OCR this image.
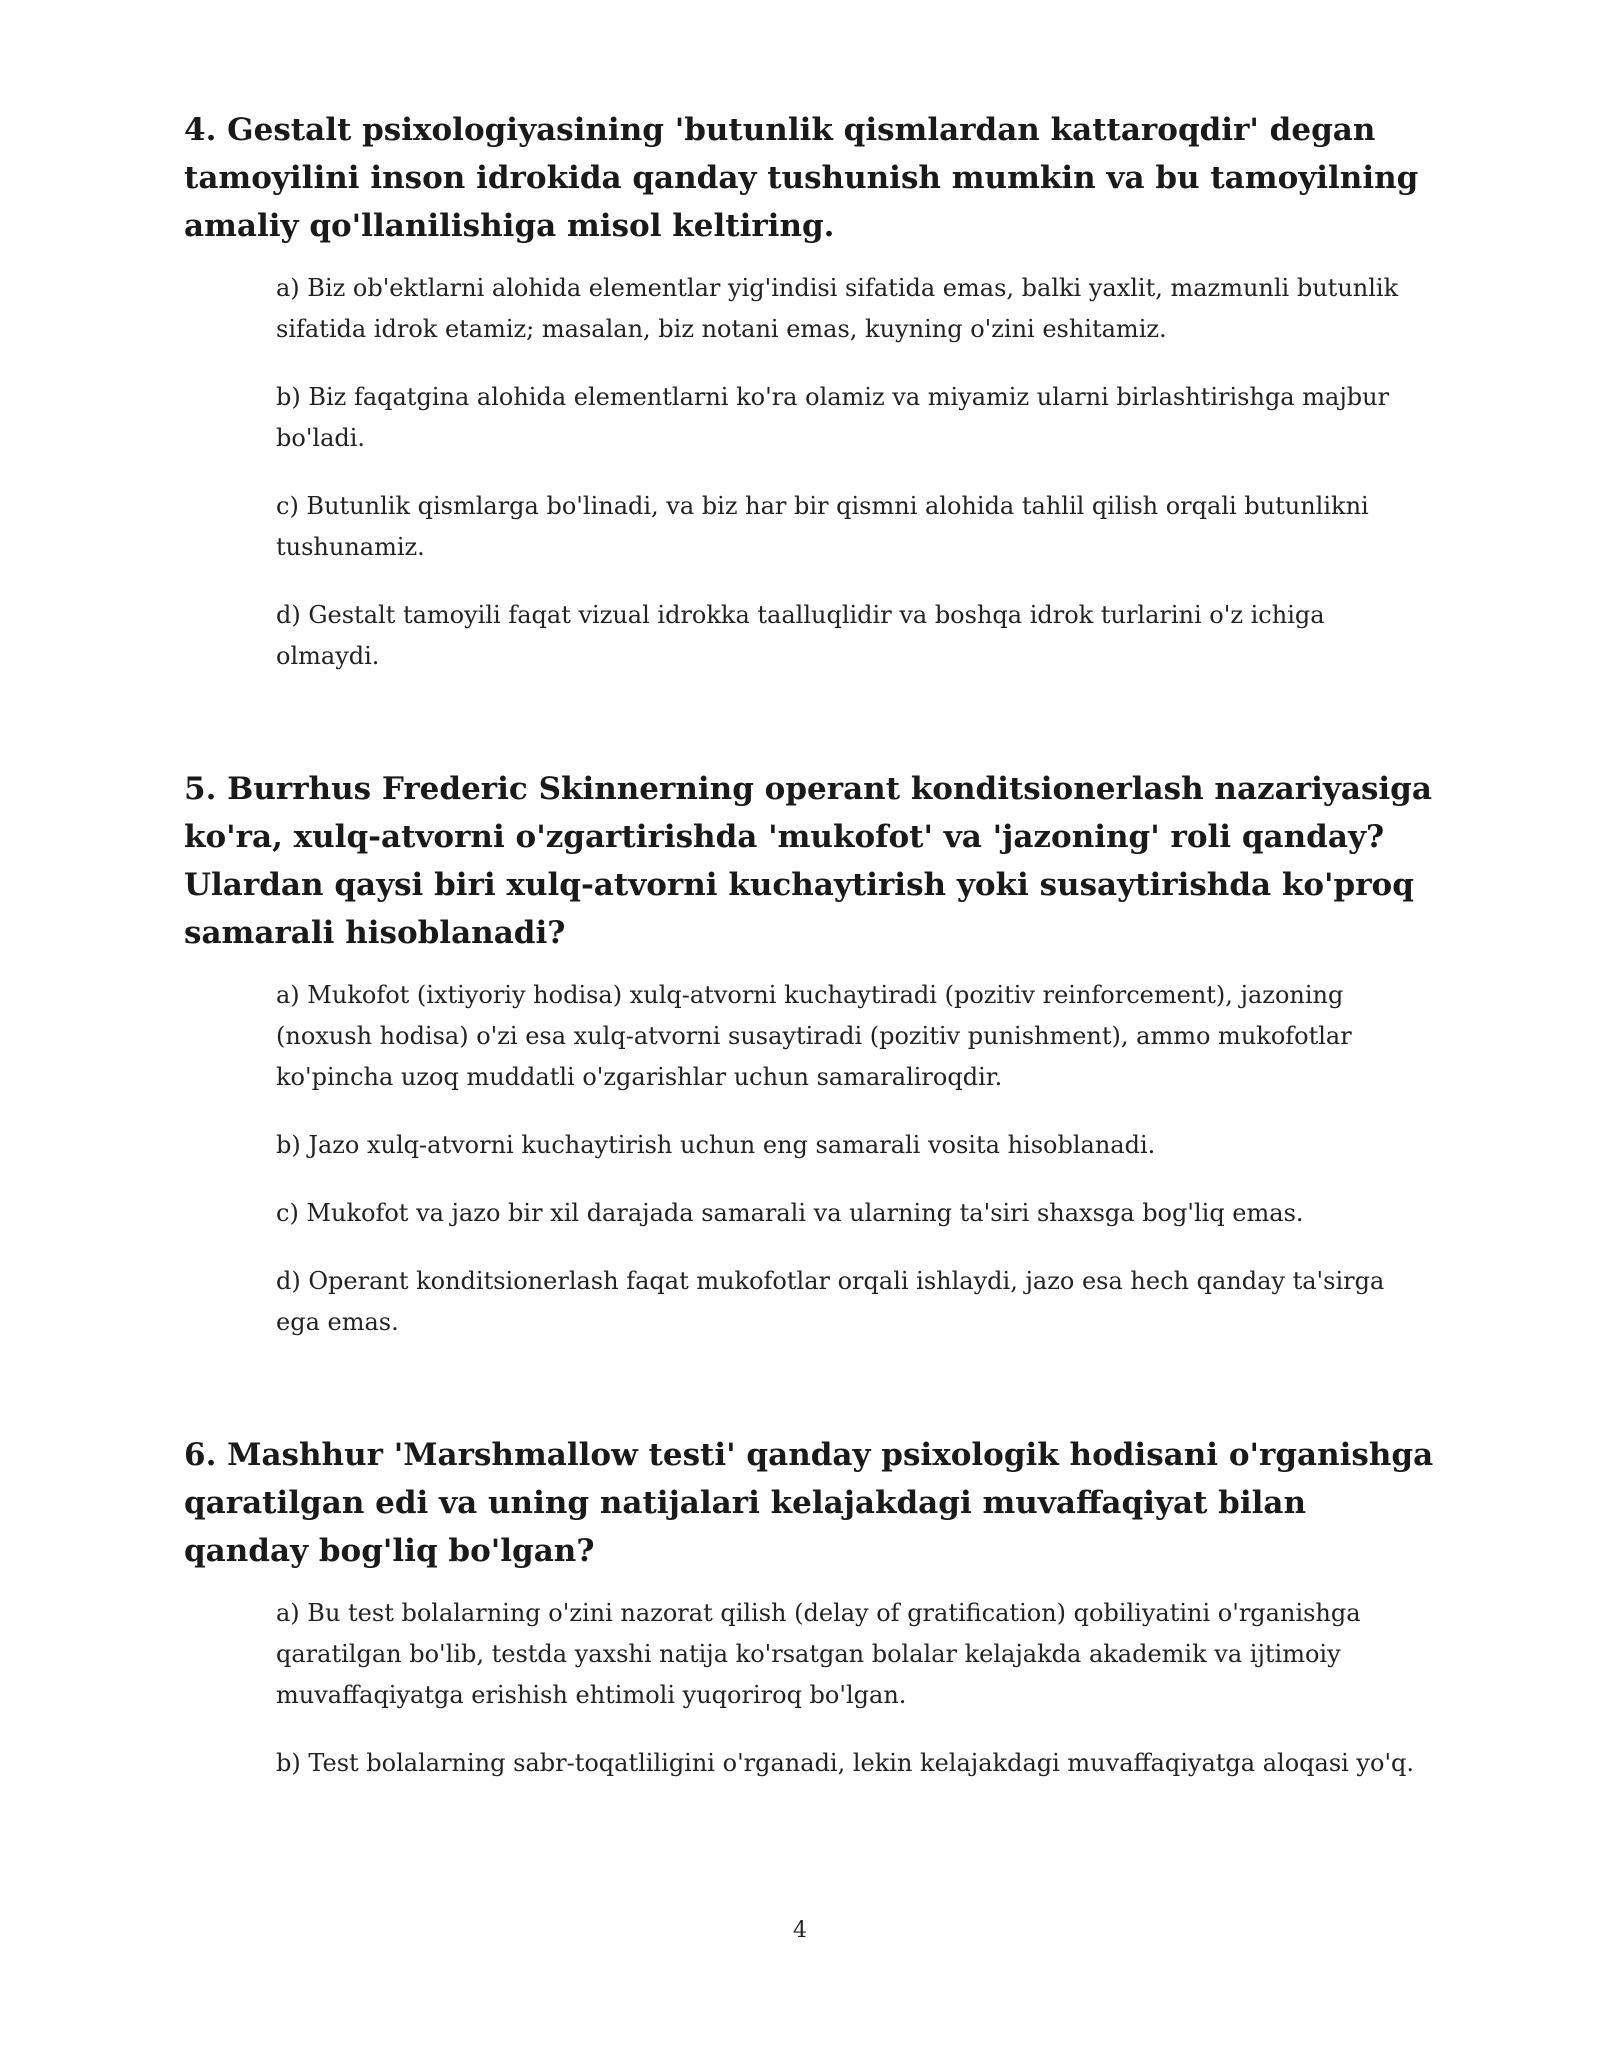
4. Gestalt psixologiyasining 'butunlik qismlardan kattaroqdir' degan tamoyilini inson idrokida qanday tushunish mumkin va bu tamoyilning amaliy qo'llanilishiga misol keltiring.

a) Biz ob'ektlarni alohida elementlar yig'indisi sifatida emas, balki yaxlit, mazmunli butunlik sifatida idrok etamiz; masalan, biz notani emas, kuyning o'zini eshitamiz.

b) Biz faqatgina alohida elementlarni ko'ra olamiz va miyamiz ularni birlashtirishga majbur bo'ladi.

c) Butunlik qismlarga bo'linadi, va biz har bir qismni alohida tahlil qilish orqali butunlikni tushunamiz.

d) Gestalt tamoyili faqat vizual idrokka taalluqlidir va boshqa idrok turlarini o'z ichiga olmaydi.

5. Burrhus Frederic Skinnerning operant konditsionerlash nazariyasiga ko'ra, xulq-atvorni o'zgartirishda 'mukofot' va 'jazoning' roli qanday? Ulardan qaysi biri xulq-atvorni kuchaytirish yoki susaytirishda ko'proq samarali hisoblanadi?

a) Mukofot (ixtiyoriy hodisa) xulq-atvorni kuchaytiradi (pozitiv reinforcement), jazoning (noxush hodisa) o'zi esa xulq-atvorni susaytiradi (pozitiv punishment), ammo mukofotlar ko'pincha uzoq muddatli o'zgarishlar uchun samaraliroqdir.

b) Jazo xulq-atvorni kuchaytirish uchun eng samarali vosita hisoblanadi.

c) Mukofot va jazo bir xil darajada samarali va ularning ta'siri shaxsga bog'liq emas.

d) Operant konditsionerlash faqat mukofotlar orqali ishlaydi, jazo esa hech qanday ta'sirga ega emas.

6. Mashhur 'Marshmallow testi' qanday psixologik hodisani o'rganishga qaratilgan edi va uning natijalari kelajakdagi muvaffaqiyat bilan qanday bog'liq bo'lgan?

a) Bu test bolalarning o'zini nazorat qilish (delay of gratification) qobiliyatini o'rganishga qaratilgan bo'lib, testda yaxshi natija ko'rsatgan bolalar kelajakda akademik va ijtimoiy muvaffaqiyatga erishish ehtimoli yuqoriroq bo'lgan.

b) Test bolalarning sabr-toqatliligini o'rganadi, lekin kelajakdagi muvaffaqiyatga aloqasi yo'q.

4
